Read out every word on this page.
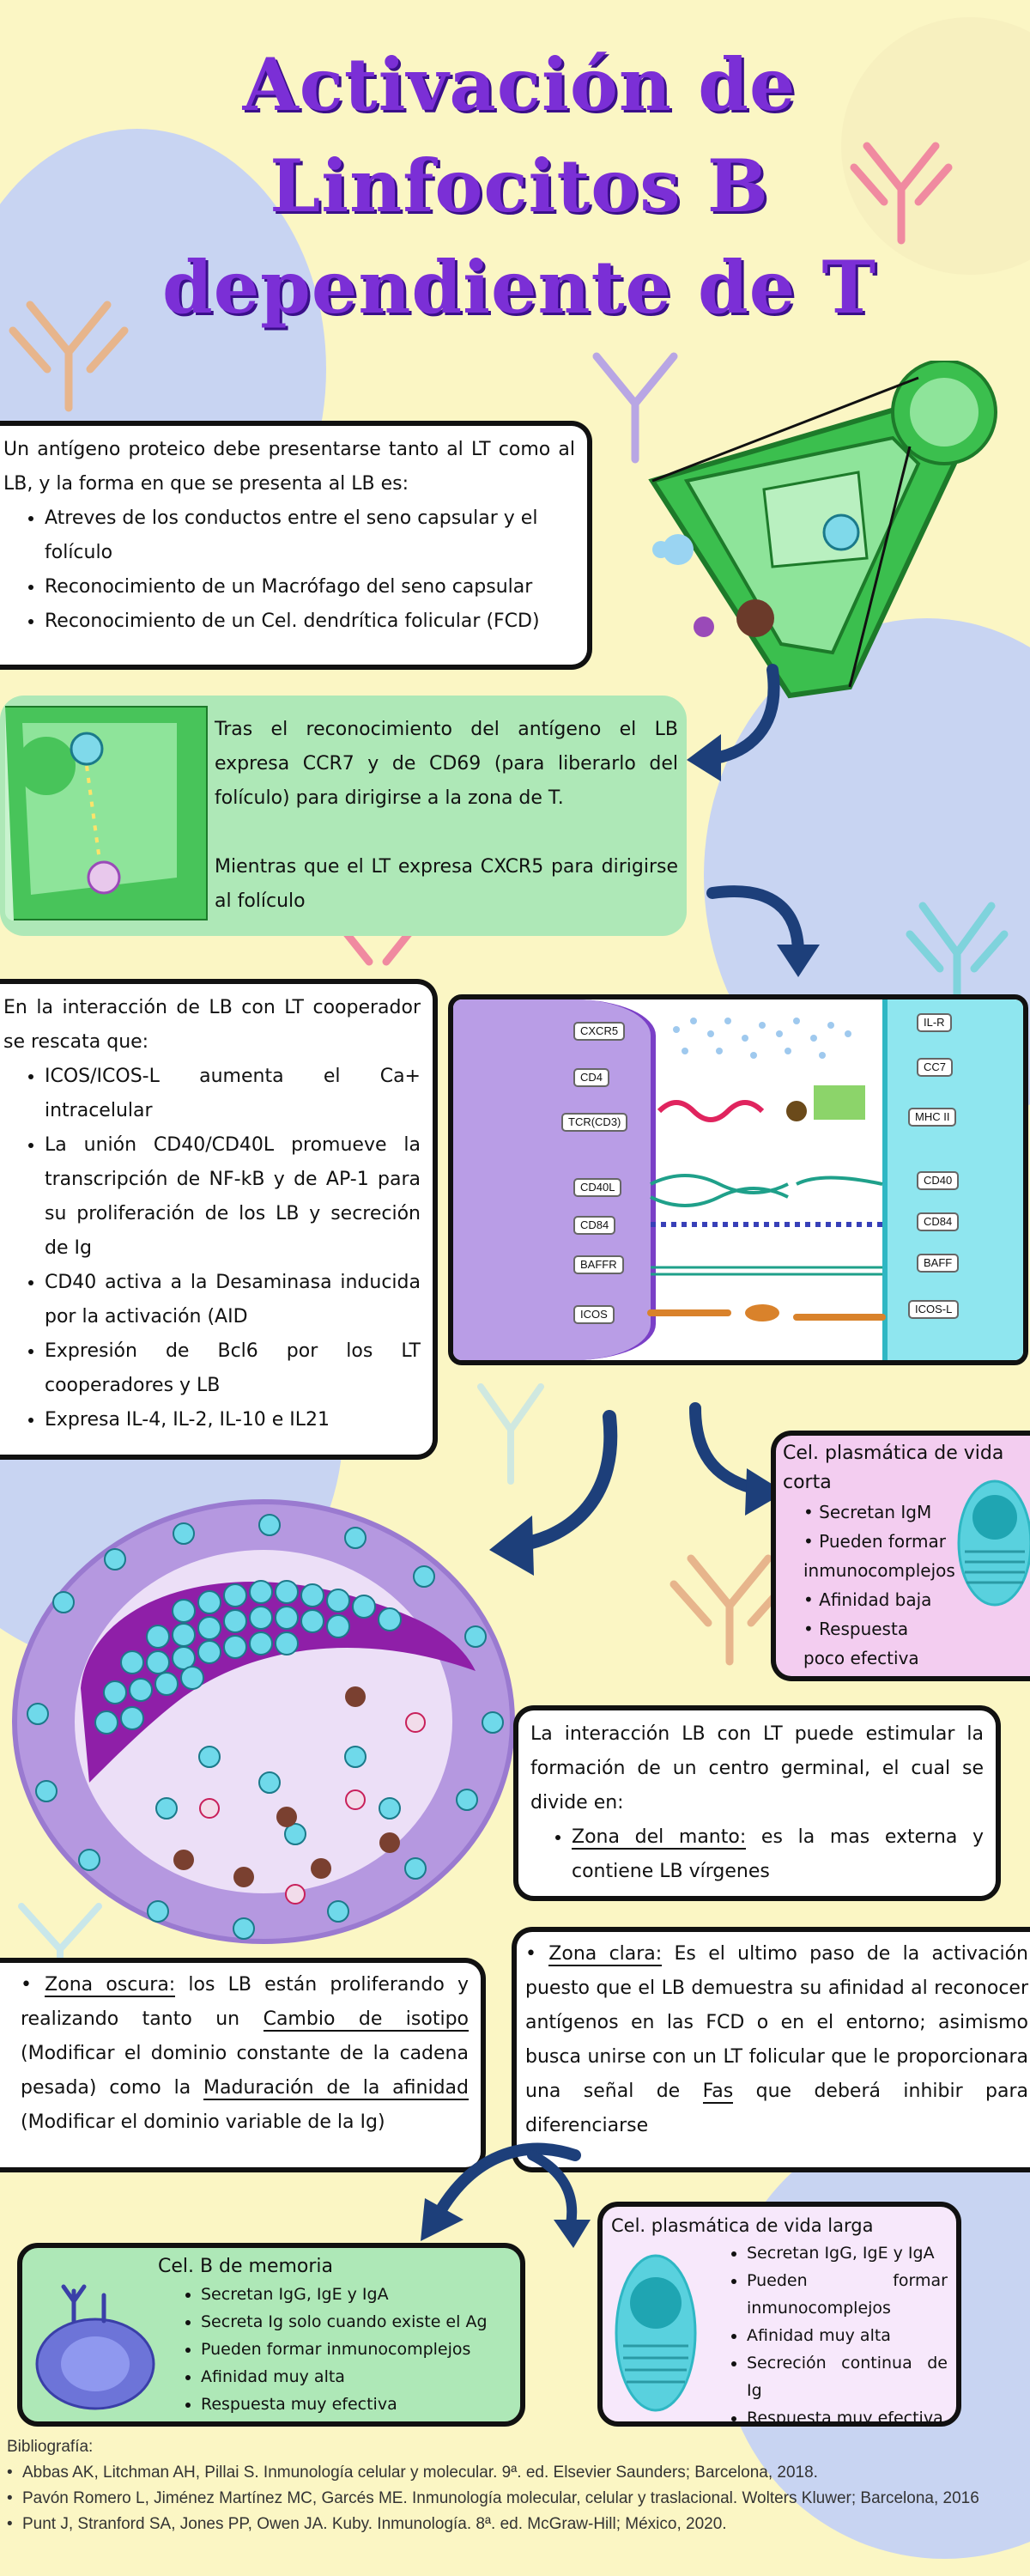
Activación de
Linfocitos B
dependiente de T

Un antígeno proteico debe presentarse tanto al LT como al LB, y la forma en que se presenta al LB es:

• Atreves de los conductos entre el seno capsular y el folículo
• Reconocimiento de un Macrófago del seno capsular
• Reconocimiento de un Cel. dendrítica folicular (FCD)

Tras el reconocimiento del antígeno el LB expresa CCR7 y de CD69 (para liberarlo del folículo) para dirigirse a la zona de T.

Mientras que el LT expresa CXCR5 para dirigirse al folículo

En la interacción de LB con LT cooperador se rescata que:

• ICOS/ICOS-L aumenta el Ca+ intracelular
• La unión CD40/CD40L promueve la transcripción de NF-kB y de AP-1 para su proliferación de los LB y secreción de Ig
• CD40 activa a la Desaminasa inducida por la activación (AID
• Expresión de Bcl6 por los LT cooperadores y LB
• Expresa IL-4, IL-2, IL-10 e IL21
CXCR5
CD4
TCR(CD3)
CD40L
CD84
BAFFR
ICOS
IL-R
CC7
MHC II
CD40
CD84
BAFF
ICOS-L

Cel. plasmática de vida corta

• Secretan IgM
• Pueden formar inmunocomplejos
• Afinidad baja
• Respuesta poco efectiva

La interacción LB con LT puede estimular la formación de un centro germinal, el cual se divide en:

• Zona del manto: es la mas externa y contiene LB vírgenes

• Zona oscura: los LB están proliferando y realizando tanto un Cambio de isotipo (Modificar el dominio constante de la cadena pesada) como la Maduración de la afinidad (Modificar el dominio variable de la Ig)

• Zona clara: Es el ultimo paso de la activación puesto que el LB demuestra su afinidad al reconocer antígenos en las FCD o en el entorno; asimismo busca unirse con un LT folicular que le proporcionara una señal de Fas que deberá inhibir para diferenciarse

Cel. B de memoria

• Secretan IgG, IgE y IgA
• Secreta Ig solo cuando existe el Ag
• Pueden formar inmunocomplejos
• Afinidad muy alta
• Respuesta muy efectiva

Cel. plasmática de vida larga

• Secretan IgG, IgE y IgA
• Pueden formar inmunocomplejos
• Afinidad muy alta
• Secreción continua de Ig
• Respuesta muy efectiva

Bibliografía:

• Abbas AK, Litchman AH, Pillai S. Inmunología celular y molecular. 9ª. ed. Elsevier Saunders; Barcelona, 2018.
• Pavón Romero L, Jiménez Martínez MC, Garcés ME. Inmunología molecular, celular y traslacional. Wolters Kluwer; Barcelona, 2016
• Punt J, Stranford SA, Jones PP, Owen JA. Kuby. Inmunología. 8ª. ed. McGraw-Hill; México, 2020.
